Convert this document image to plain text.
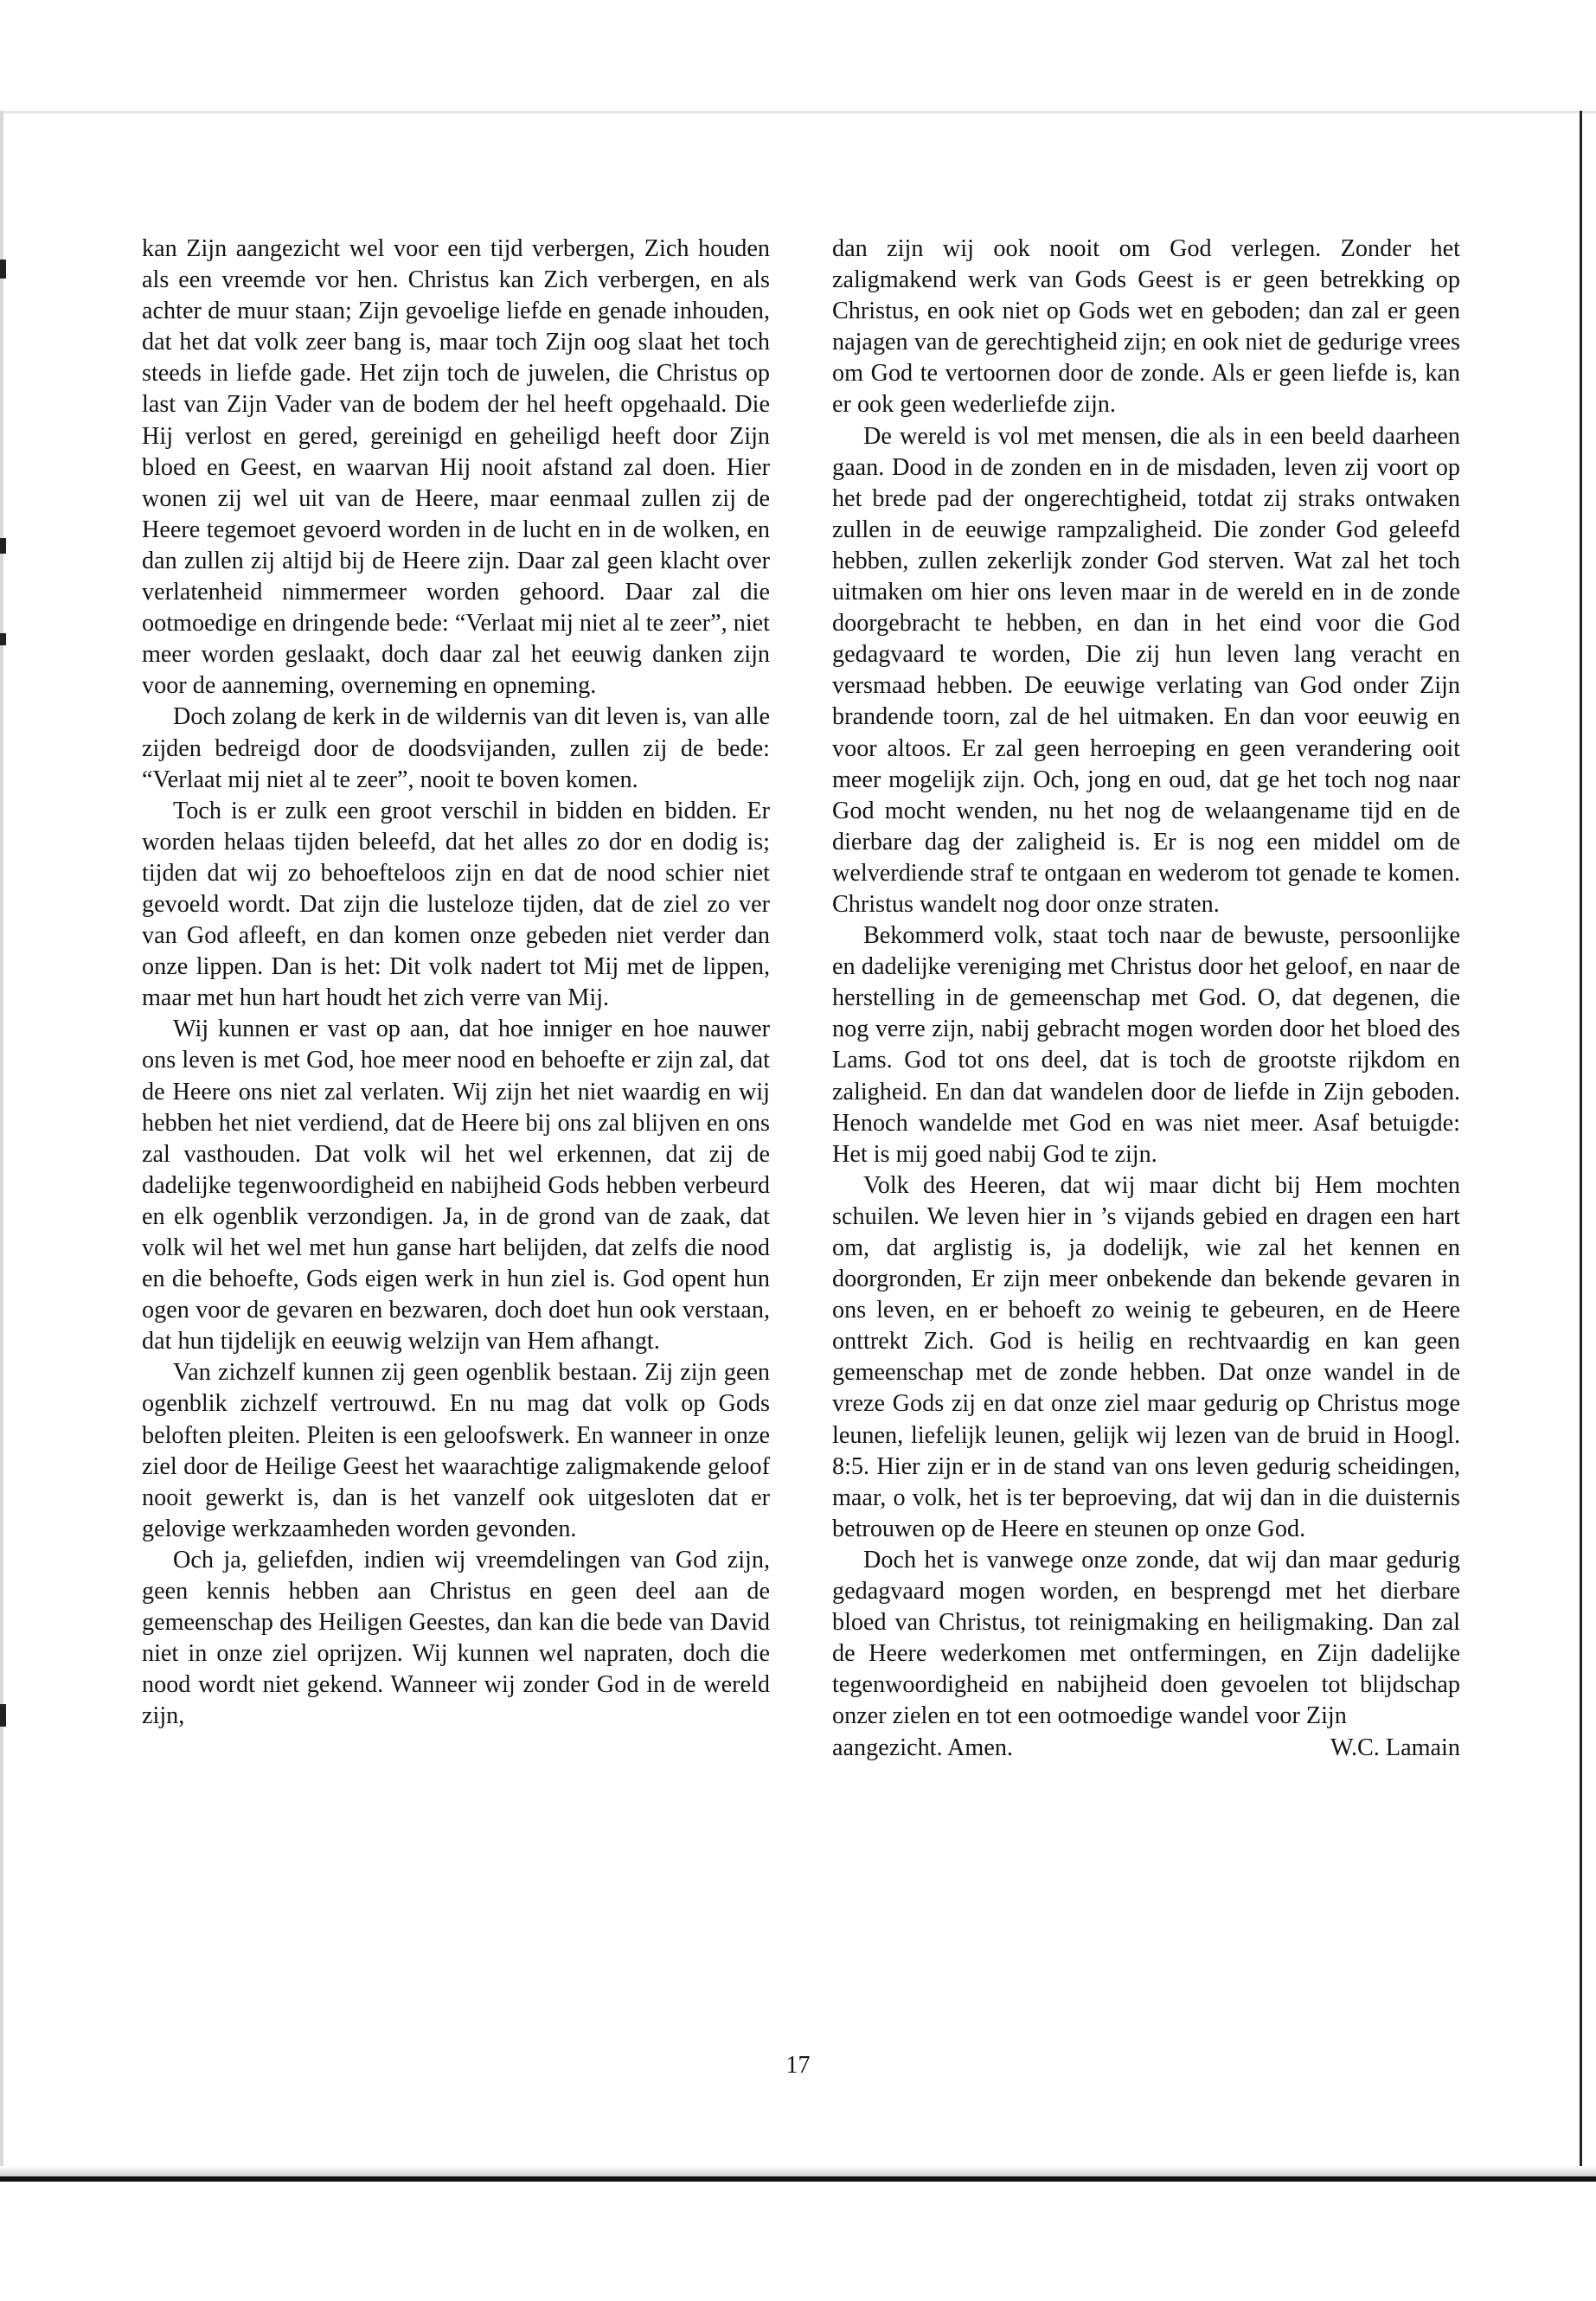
kan Zijn aangezicht wel voor een tijd verbergen, Zich houden als een vreemde vor hen. Christus kan Zich verbergen, en als achter de muur staan; Zijn gevoelige liefde en genade inhouden, dat het dat volk zeer bang is, maar toch Zijn oog slaat het toch steeds in liefde gade. Het zijn toch de juwelen, die Christus op last van Zijn Vader van de bodem der hel heeft opgehaald. Die Hij verlost en gered, gereinigd en geheiligd heeft door Zijn bloed en Geest, en waarvan Hij nooit afstand zal doen. Hier wonen zij wel uit van de Heere, maar eenmaal zullen zij de Heere tegemoet gevoerd worden in de lucht en in de wolken, en dan zullen zij altijd bij de Heere zijn. Daar zal geen klacht over verlatenheid nimmermeer worden gehoord. Daar zal die ootmoedige en dringende bede: “Verlaat mij niet al te zeer”, niet meer worden geslaakt, doch daar zal het eeuwig danken zijn voor de aanneming, overneming en opneming.

Doch zolang de kerk in de wildernis van dit leven is, van alle zijden bedreigd door de doodsvijanden, zullen zij de bede: “Verlaat mij niet al te zeer”, nooit te boven komen.

Toch is er zulk een groot verschil in bidden en bidden. Er worden helaas tijden beleefd, dat het alles zo dor en dodig is; tijden dat wij zo behoefteloos zijn en dat de nood schier niet gevoeld wordt. Dat zijn die lusteloze tijden, dat de ziel zo ver van God afleeft, en dan komen onze gebeden niet verder dan onze lippen. Dan is het: Dit volk nadert tot Mij met de lippen, maar met hun hart houdt het zich verre van Mij.

Wij kunnen er vast op aan, dat hoe inniger en hoe nauwer ons leven is met God, hoe meer nood en behoefte er zijn zal, dat de Heere ons niet zal verlaten. Wij zijn het niet waardig en wij hebben het niet verdiend, dat de Heere bij ons zal blijven en ons zal vasthouden. Dat volk wil het wel erkennen, dat zij de dadelijke tegenwoordigheid en nabijheid Gods hebben verbeurd en elk ogenblik verzondigen. Ja, in de grond van de zaak, dat volk wil het wel met hun ganse hart belijden, dat zelfs die nood en die behoefte, Gods eigen werk in hun ziel is. God opent hun ogen voor de gevaren en bezwaren, doch doet hun ook verstaan, dat hun tijdelijk en eeuwig welzijn van Hem afhangt.

Van zichzelf kunnen zij geen ogenblik bestaan. Zij zijn geen ogenblik zichzelf vertrouwd. En nu mag dat volk op Gods beloften pleiten. Pleiten is een geloofswerk. En wanneer in onze ziel door de Heilige Geest het waarachtige zaligmakende geloof nooit gewerkt is, dan is het vanzelf ook uitgesloten dat er gelovige werkzaamheden worden gevonden.

Och ja, geliefden, indien wij vreemdelingen van God zijn, geen kennis hebben aan Christus en geen deel aan de gemeenschap des Heiligen Geestes, dan kan die bede van David niet in onze ziel oprijzen. Wij kunnen wel napraten, doch die nood wordt niet gekend. Wanneer wij zonder God in de wereld zijn,

dan zijn wij ook nooit om God verlegen. Zonder het zaligmakend werk van Gods Geest is er geen betrekking op Christus, en ook niet op Gods wet en geboden; dan zal er geen najagen van de gerechtigheid zijn; en ook niet de gedurige vrees om God te vertoornen door de zonde. Als er geen liefde is, kan er ook geen wederliefde zijn.

De wereld is vol met mensen, die als in een beeld daarheen gaan. Dood in de zonden en in de misdaden, leven zij voort op het brede pad der ongerechtigheid, totdat zij straks ontwaken zullen in de eeuwige rampzaligheid. Die zonder God geleefd hebben, zullen zekerlijk zonder God sterven. Wat zal het toch uitmaken om hier ons leven maar in de wereld en in de zonde doorgebracht te hebben, en dan in het eind voor die God gedagvaard te worden, Die zij hun leven lang veracht en versmaad hebben. De eeuwige verlating van God onder Zijn brandende toorn, zal de hel uitmaken. En dan voor eeuwig en voor altoos. Er zal geen herroeping en geen verandering ooit meer mogelijk zijn. Och, jong en oud, dat ge het toch nog naar God mocht wenden, nu het nog de welaangename tijd en de dierbare dag der zaligheid is. Er is nog een middel om de welverdiende straf te ontgaan en wederom tot genade te komen. Christus wandelt nog door onze straten.

Bekommerd volk, staat toch naar de bewuste, persoonlijke en dadelijke vereniging met Christus door het geloof, en naar de herstelling in de gemeenschap met God. O, dat degenen, die nog verre zijn, nabij gebracht mogen worden door het bloed des Lams. God tot ons deel, dat is toch de grootste rijkdom en zaligheid. En dan dat wandelen door de liefde in Zijn geboden. Henoch wandelde met God en was niet meer. Asaf betuigde: Het is mij goed nabij God te zijn.

Volk des Heeren, dat wij maar dicht bij Hem mochten schuilen. We leven hier in ’s vijands gebied en dragen een hart om, dat arglistig is, ja dodelijk, wie zal het kennen en doorgronden, Er zijn meer onbekende dan bekende gevaren in ons leven, en er behoeft zo weinig te gebeuren, en de Heere onttrekt Zich. God is heilig en rechtvaardig en kan geen gemeenschap met de zonde hebben. Dat onze wandel in de vreze Gods zij en dat onze ziel maar gedurig op Christus moge leunen, liefelijk leunen, gelijk wij lezen van de bruid in Hoogl. 8:5. Hier zijn er in de stand van ons leven gedurig scheidingen, maar, o volk, het is ter beproeving, dat wij dan in die duisternis betrouwen op de Heere en steunen op onze God.

Doch het is vanwege onze zonde, dat wij dan maar gedurig gedagvaard mogen worden, en besprengd met het dierbare bloed van Christus, tot reinigmaking en heiligmaking. Dan zal de Heere wederkomen met ontfermingen, en Zijn dadelijke tegenwoordigheid en nabijheid doen gevoelen tot blijdschap onzer zielen en tot een ootmoedige wandel voor Zijn

aangezicht. Amen.	W.C. Lamain
17
